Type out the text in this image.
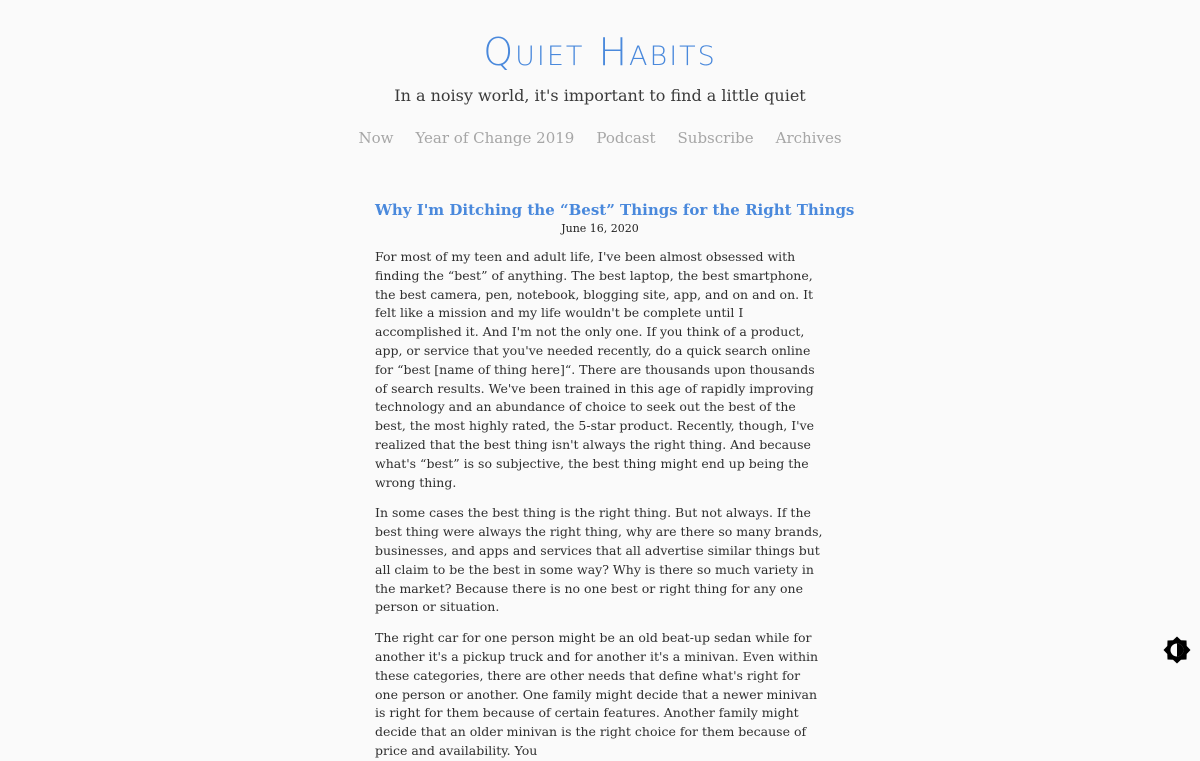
Quiet Habits

In a noisy world, it's important to find a little quiet

Now Year of Change 2019 Podcast Subscribe Archives
Why I'm Ditching the “Best” Things for the Right Things
June 16, 2020

For most of my teen and adult life, I've been almost obsessed with finding the “best” of anything. The best laptop, the best smartphone, the best camera, pen, notebook, blogging site, app, and on and on. It felt like a mission and my life wouldn't be complete until I accomplished it. And I'm not the only one. If you think of a product, app, or service that you've needed recently, do a quick search online for “best [name of thing here]“. There are thousands upon thousands of search results. We've been trained in this age of rapidly improving technology and an abundance of choice to seek out the best of the best, the most highly rated, the 5-star product. Recently, though, I've realized that the best thing isn't always the right thing. And because what's “best” is so subjective, the best thing might end up being the wrong thing.

In some cases the best thing is the right thing. But not always. If the best thing were always the right thing, why are there so many brands, businesses, and apps and services that all advertise similar things but all claim to be the best in some way? Why is there so much variety in the market? Because there is no one best or right thing for any one person or situation.

The right car for one person might be an old beat-up sedan while for another it's a pickup truck and for another it's a minivan. Even within these categories, there are other needs that define what's right for one person or another. One family might decide that a newer minivan is right for them because of certain features. Another family might decide that an older minivan is the right choice for them because of price and availability. You
